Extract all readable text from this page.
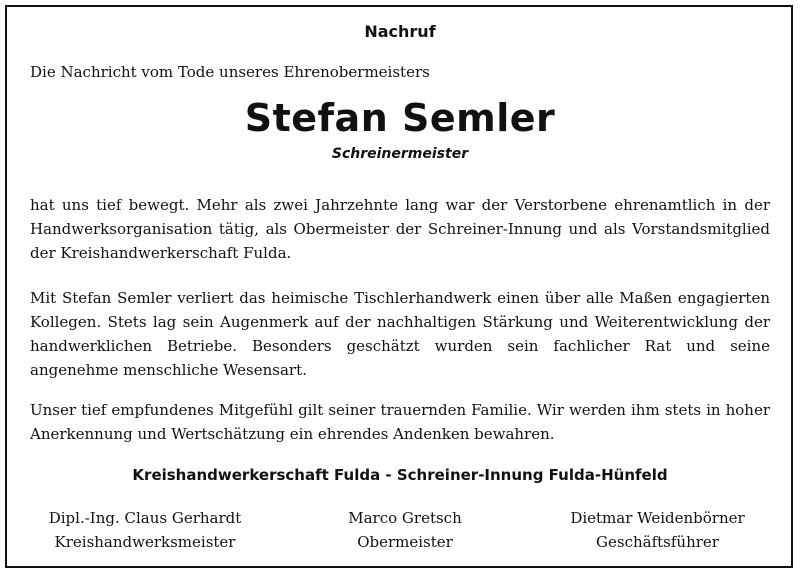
Nachruf
Die Nachricht vom Tode unseres Ehrenobermeisters
Stefan Semler
Schreinermeister

hat uns tief bewegt. Mehr als zwei Jahrzehnte lang war der Verstorbene ehrenamtlich in der Handwerksorganisation tätig, als Obermeister der Schreiner-Innung und als Vorstandsmitglied der Kreishandwerkerschaft Fulda.

Mit Stefan Semler verliert das heimische Tischlerhandwerk einen über alle Maßen engagierten Kollegen. Stets lag sein Augenmerk auf der nachhaltigen Stärkung und Weiterentwicklung der handwerklichen Betriebe. Besonders geschätzt wurden sein fachlicher Rat und seine angenehme menschliche Wesensart.

Unser tief empfundenes Mitgefühl gilt seiner trauernden Familie. Wir werden ihm stets in hoher Anerkennung und Wertschätzung ein ehrendes Andenken bewahren.

Kreishandwerkerschaft Fulda - Schreiner-Innung Fulda-Hünfeld
Dipl.-Ing. Claus Gerhardt
Kreishandwerksmeister
Marco Gretsch
Obermeister
Dietmar Weidenbörner
Geschäftsführer
